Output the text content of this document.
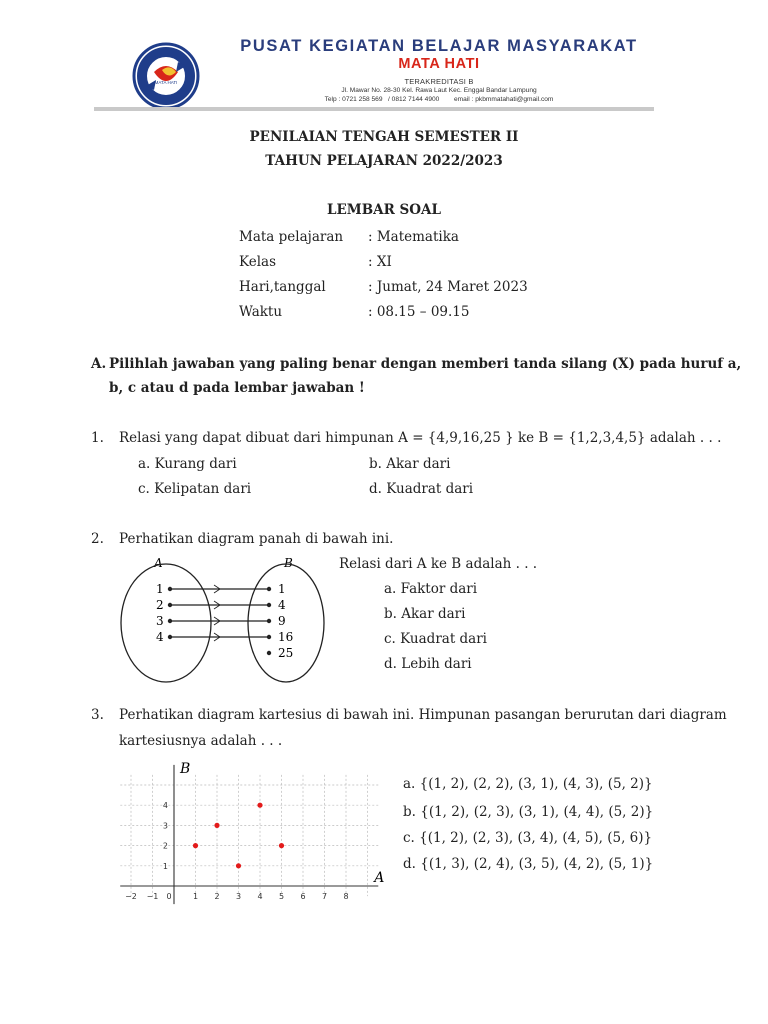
MATA HATI
PUSAT KEGIATAN BELAJAR MASYARAKAT
MATA HATI
TERAKREDITASI B
Jl. Mawar No. 28-30 Kel. Rawa Laut Kec. Enggal Bandar Lampung
Telp : 0721 258 569   / 0812 7144 4900        email : pkbmmatahati@gmail.com
PENILAIAN TENGAH SEMESTER II
TAHUN PELAJARAN 2022/2023
LEMBAR SOAL
Mata pelajaran : Matematika
Kelas	: XI
Hari,tanggal	: Jumat, 24 Maret 2023
Waktu	: 08.15 – 09.15
A. Pilihlah jawaban yang paling benar dengan memberi tanda silang (X) pada huruf a,
b, c atau d pada lembar jawaban !
1. Relasi yang dapat dibuat dari himpunan A = {4,9,16,25 } ke B = {1,2,3,4,5} adalah . . .
a. Kurang dari	b. Akar dari
c. Kelipatan dari	d. Kuadrat dari
2. Perhatikan diagram panah di bawah ini.
Relasi dari A ke B adalah . . .
a. Faktor dari
b. Akar dari
c. Kuadrat dari
d. Lebih dari
A	B
1
2
3
4
1
4
9
16
25
3. Perhatikan diagram kartesius di bawah ini. Himpunan pasangan berurutan dari diagram
kartesiusnya adalah . . .
a. {(1, 2), (2, 2), (3, 1), (4, 3), (5, 2)}
b. {(1, 2), (2, 3), (3, 1), (4, 4), (5, 2)}
c. {(1, 2), (2, 3), (3, 4), (4, 5), (5, 6)}
d. {(1, 3), (2, 4), (3, 5), (4, 2), (5, 1)}
B
A
−2 −1 0	1 2 3 4 5 6 7 8
1
2
3
4
